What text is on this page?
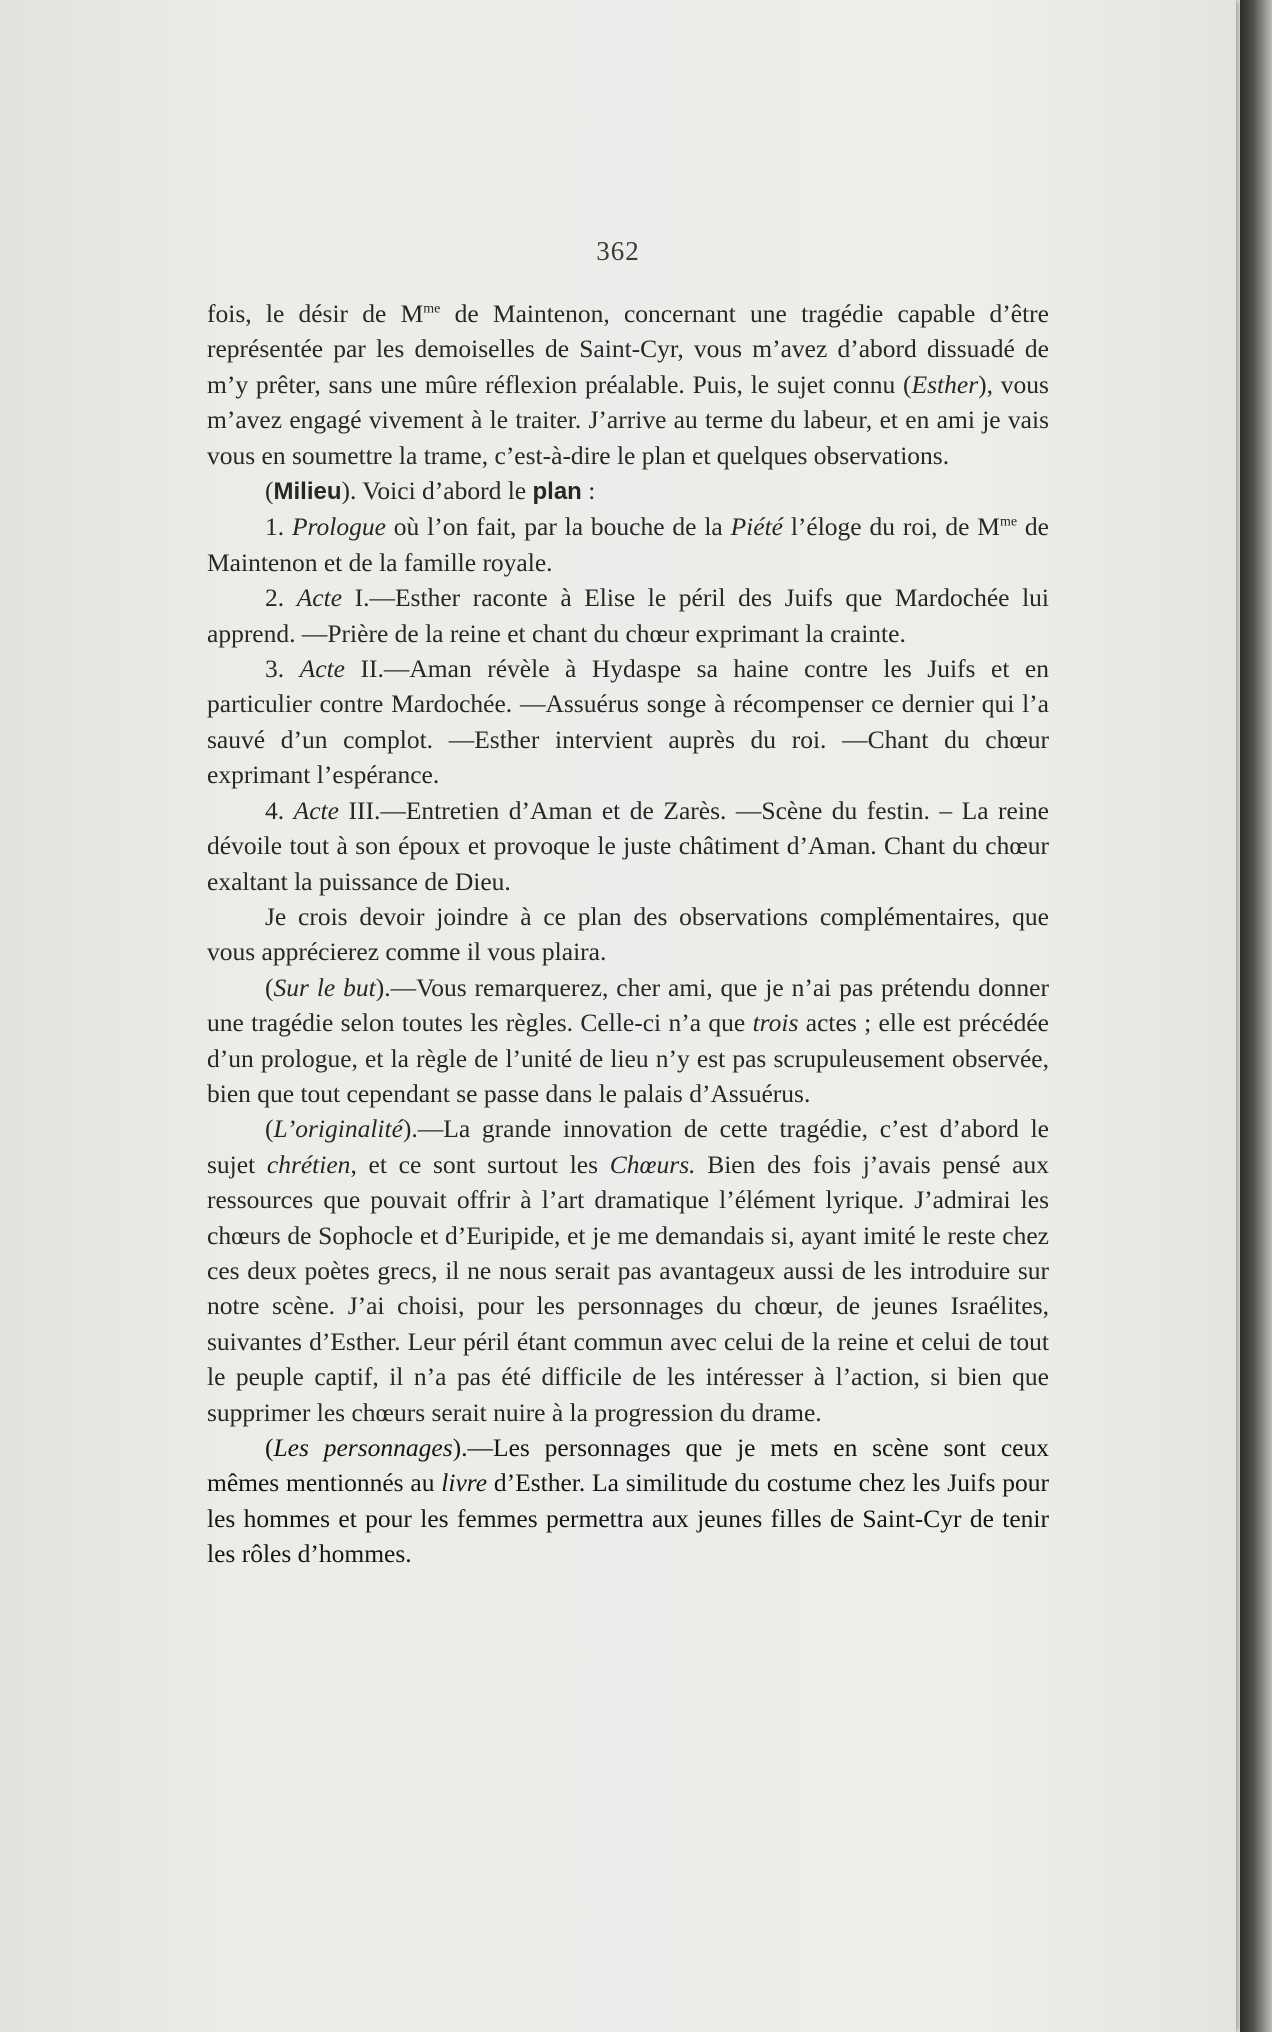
362

fois, le désir de $M^{me}$ de Maintenon, concernant une tragédie capable d’être représentée par les demoiselles de Saint-Cyr, vous m’avez d’abord dissuadé de m’y prêter, sans une mûre réflexion préalable. Puis, le sujet connu (Esther), vous m’avez engagé vivement à le traiter. J’arrive au terme du labeur, et en ami je vais vous en soumettre la trame, c’est-à-dire le plan et quelques observations.

(Milieu). Voici d’abord le plan :

1. Prologue où l’on fait, par la bouche de la Piété l’éloge du roi, de $M^{me}$ de Maintenon et de la famille royale.

2. Acte I.—Esther raconte à Elise le péril des Juifs que Mardochée lui apprend. —Prière de la reine et chant du chœur exprimant la crainte.

3. Acte II.—Aman révèle à Hydaspe sa haine contre les Juifs et en particulier contre Mardochée. —Assuérus songe à récompenser ce dernier qui l’a sauvé d’un complot. —Esther intervient auprès du roi. —Chant du chœur exprimant l’espérance.

4. Acte III.—Entretien d’Aman et de Zarès. —Scène du festin. – La reine dévoile tout à son époux et provoque le juste châtiment d’Aman. Chant du chœur exaltant la puissance de Dieu.

Je crois devoir joindre à ce plan des observations complémentaires, que vous apprécierez comme il vous plaira.

(Sur le but).—Vous remarquerez, cher ami, que je n’ai pas prétendu donner une tragédie selon toutes les règles. Celle-ci n’a que trois actes ; elle est précédée d’un prologue, et la règle de l’unité de lieu n’y est pas scrupuleusement observée, bien que tout cependant se passe dans le palais d’Assuérus.

(L’originalité).—La grande innovation de cette tragédie, c’est d’abord le sujet chrétien, et ce sont surtout les Chœurs. Bien des fois j’avais pensé aux ressources que pouvait offrir à l’art dramatique l’élément lyrique. J’admirai les chœurs de Sophocle et d’Euripide, et je me demandais si, ayant imité le reste chez ces deux poètes grecs, il ne nous serait pas avantageux aussi de les introduire sur notre scène. J’ai choisi, pour les personnages du chœur, de jeunes Israélites, suivantes d’Esther. Leur péril étant commun avec celui de la reine et celui de tout le peuple captif, il n’a pas été difficile de les intéresser à l’action, si bien que supprimer les chœurs serait nuire à la progression du drame.

(Les personnages).—Les personnages que je mets en scène sont ceux mêmes mentionnés au livre d’Esther. La similitude du costume chez les Juifs pour les hommes et pour les femmes permettra aux jeunes filles de Saint-Cyr de tenir les rôles d’hommes.
